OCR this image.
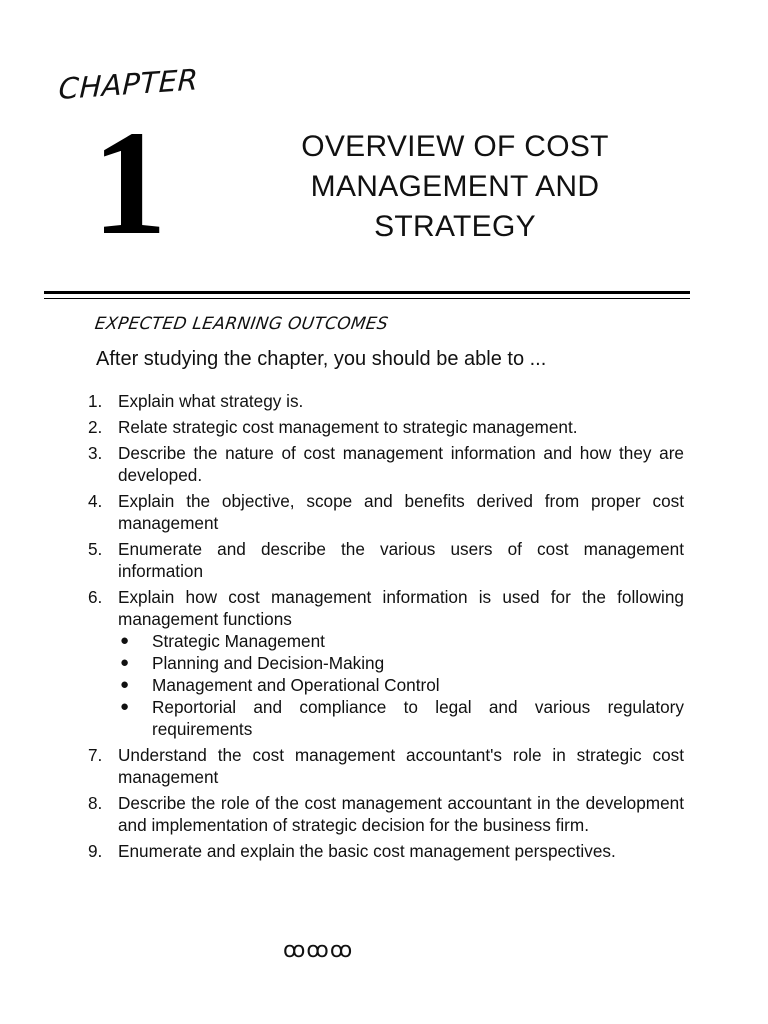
CHAPTER
1	OVERVIEW OF COST
MANAGEMENT AND
STRATEGY
EXPECTED LEARNING OUTCOMES
After studying the chapter, you should be able to ...
1. Explain what strategy is.
2. Relate strategic cost management to strategic management.
3. Describe the nature of cost management information and how they are developed.
4. Explain the objective, scope and benefits derived from proper cost management
5. Enumerate and describe the various users of cost management information
6. Explain how cost management information is used for the following management functions
● Strategic Management
● Planning and Decision-Making
● Management and Operational Control
● Reportorial and compliance to legal and various regulatory requirements
7. Understand the cost management accountant's role in strategic cost management
8. Describe the role of the cost management accountant in the development and implementation of strategic decision for the business firm.
9. Enumerate and explain the basic cost management perspectives.
ꝏꝏꝏ
